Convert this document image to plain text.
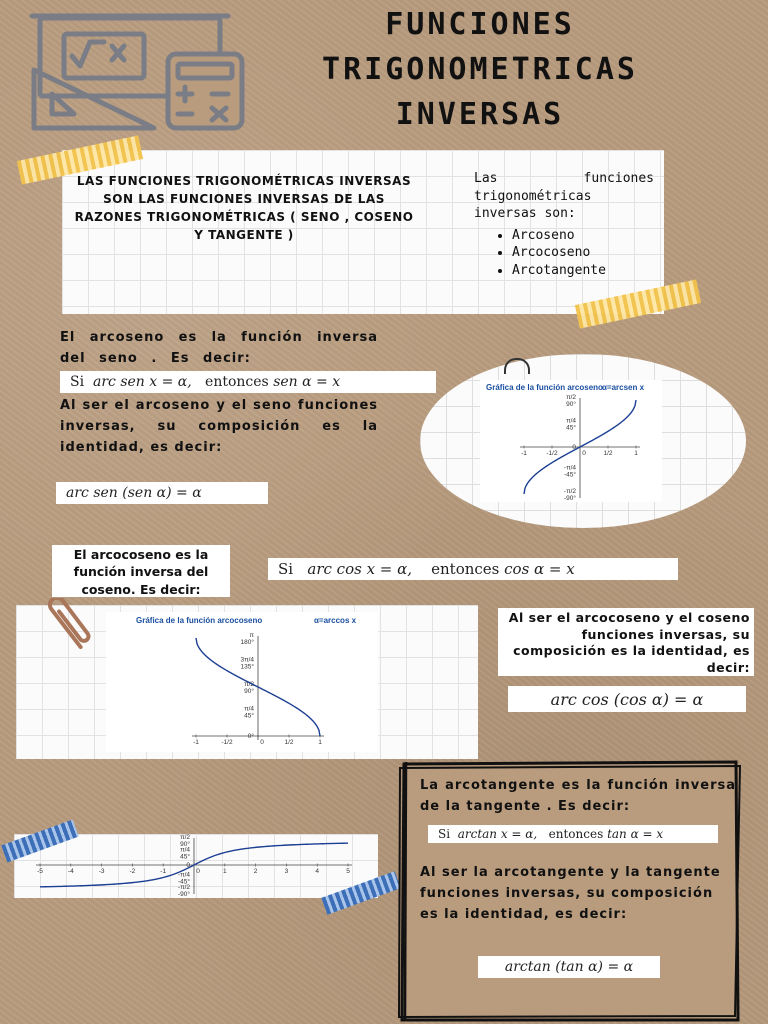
FUNCIONES
TRIGONOMETRICAS
INVERSAS
LAS FUNCIONES TRIGONOMÉTRICAS INVERSAS SON LAS FUNCIONES INVERSAS DE LAS RAZONES TRIGONOMÉTRICAS ( SENO , COSENO Y TANGENTE )
Las funciones trigonométricas inversas son:
• Arcoseno
• Arcocoseno
• Arcotangente
El arcoseno es la función inversa del seno . Es decir:
Si
arc sen x = α,
entonces
sen α = x
Al ser el arcoseno y el seno funciones inversas, su composición es la identidad, es decir:
arc sen (sen α) = α
Gráfica de la función arcoseno α=arcsen x
-1	-1/2	0	1/2	1
π/2
90°
π/4
45°
0
-π/4
-45°
-π/2
-90°
El arcocoseno es la función inversa del coseno. Es decir:
Si
arc cos x = α,
entonces
cos α = x
Gráfica de la función arcocoseno	α=arccos x
-1	-1/2	0	1/2	1
π
180°
3π/4
135°
π/2
90°
π/4
45°
0°
Al ser el arcocoseno y el coseno funciones inversas, su composición es la identidad, es decir:
arc cos (cos α) = α
-5	-4	-3	-2	-1	0	1	2	3	4	5
π/2
90°
π/4
45°
0
-π/4
-45°
-π/2
-90°
La arcotangente es la función inversa de la tangente . Es decir:
Si
arctan x = α,
entonces
tan α = x
Al ser la arcotangente y la tangente funciones inversas, su composición es la identidad, es decir:
arctan (tan α) = α
